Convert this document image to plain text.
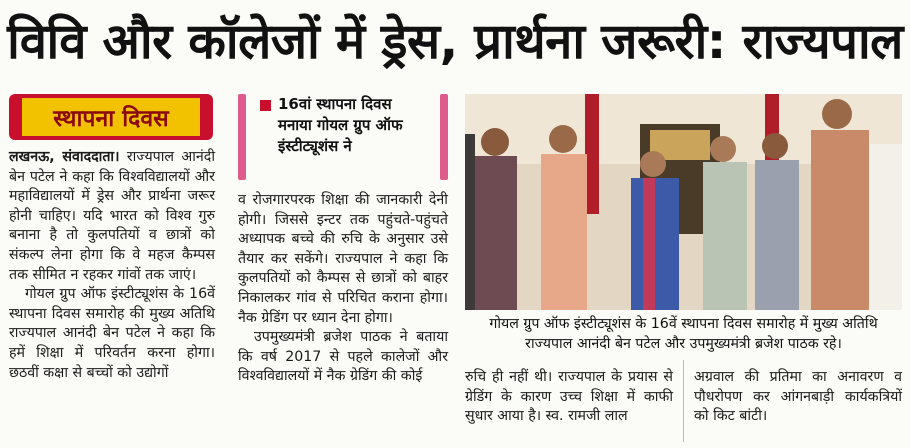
विवि और कॉलेजों में ड्रेस, प्रार्थना जरूरी: राज्यपाल
स्थापना दिवस
16वां स्थापना दिवस
मनाया गोयल ग्रुप ऑफ
इंस्टीट्यूशंस ने

लखनऊ, संवाददाता। राज्यपाल आनंदी बेन पटेल ने कहा कि विश्वविद्यालयों और महाविद्यालयों में ड्रेस और प्रार्थना जरूर होनी चाहिए। यदि भारत को विश्व गुरु बनाना है तो कुलपतियों व छात्रों को संकल्प लेना होगा कि वे महज कैम्पस तक सीमित न रहकर गांवों तक जाएं।

गोयल ग्रुप ऑफ इंस्टीट्यूशंस के 16वें स्थापना दिवस समारोह की मुख्य अतिथि राज्यपाल आनंदी बेन पटेल ने कहा कि हमें शिक्षा में परिवर्तन करना होगा। छठवीं कक्षा से बच्चों को उद्योगों

व रोजगारपरक शिक्षा की जानकारी देनी होगी। जिससे इन्टर तक पहुंचते-पहुंचते अध्यापक बच्चे की रुचि के अनुसार उसे तैयार कर सकेंगे। राज्यपाल ने कहा कि कुलपतियों को कैम्पस से छात्रों को बाहर निकालकर गांव से परिचित कराना होगा। नैक ग्रेडिंग पर ध्यान देना होगा।

उपमुख्यमंत्री ब्रजेश पाठक ने बताया कि वर्ष 2017 से पहले कालेजों और विश्वविद्यालयों में नैक ग्रेडिंग की कोई

गोयल ग्रुप ऑफ इंस्टीट्यूशंस के 16वें स्थापना दिवस समारोह में मुख्य अतिथि राज्यपाल आनंदी बेन पटेल और उपमुख्यमंत्री ब्रजेश पाठक रहे।

रुचि ही नहीं थी। राज्यपाल के प्रयास से ग्रेडिंग के कारण उच्च शिक्षा में काफी सुधार आया है। स्व. रामजी लाल

अग्रवाल की प्रतिमा का अनावरण व पौधरोपण कर आंगनबाड़ी कार्यकत्रियों को किट बांटी।
